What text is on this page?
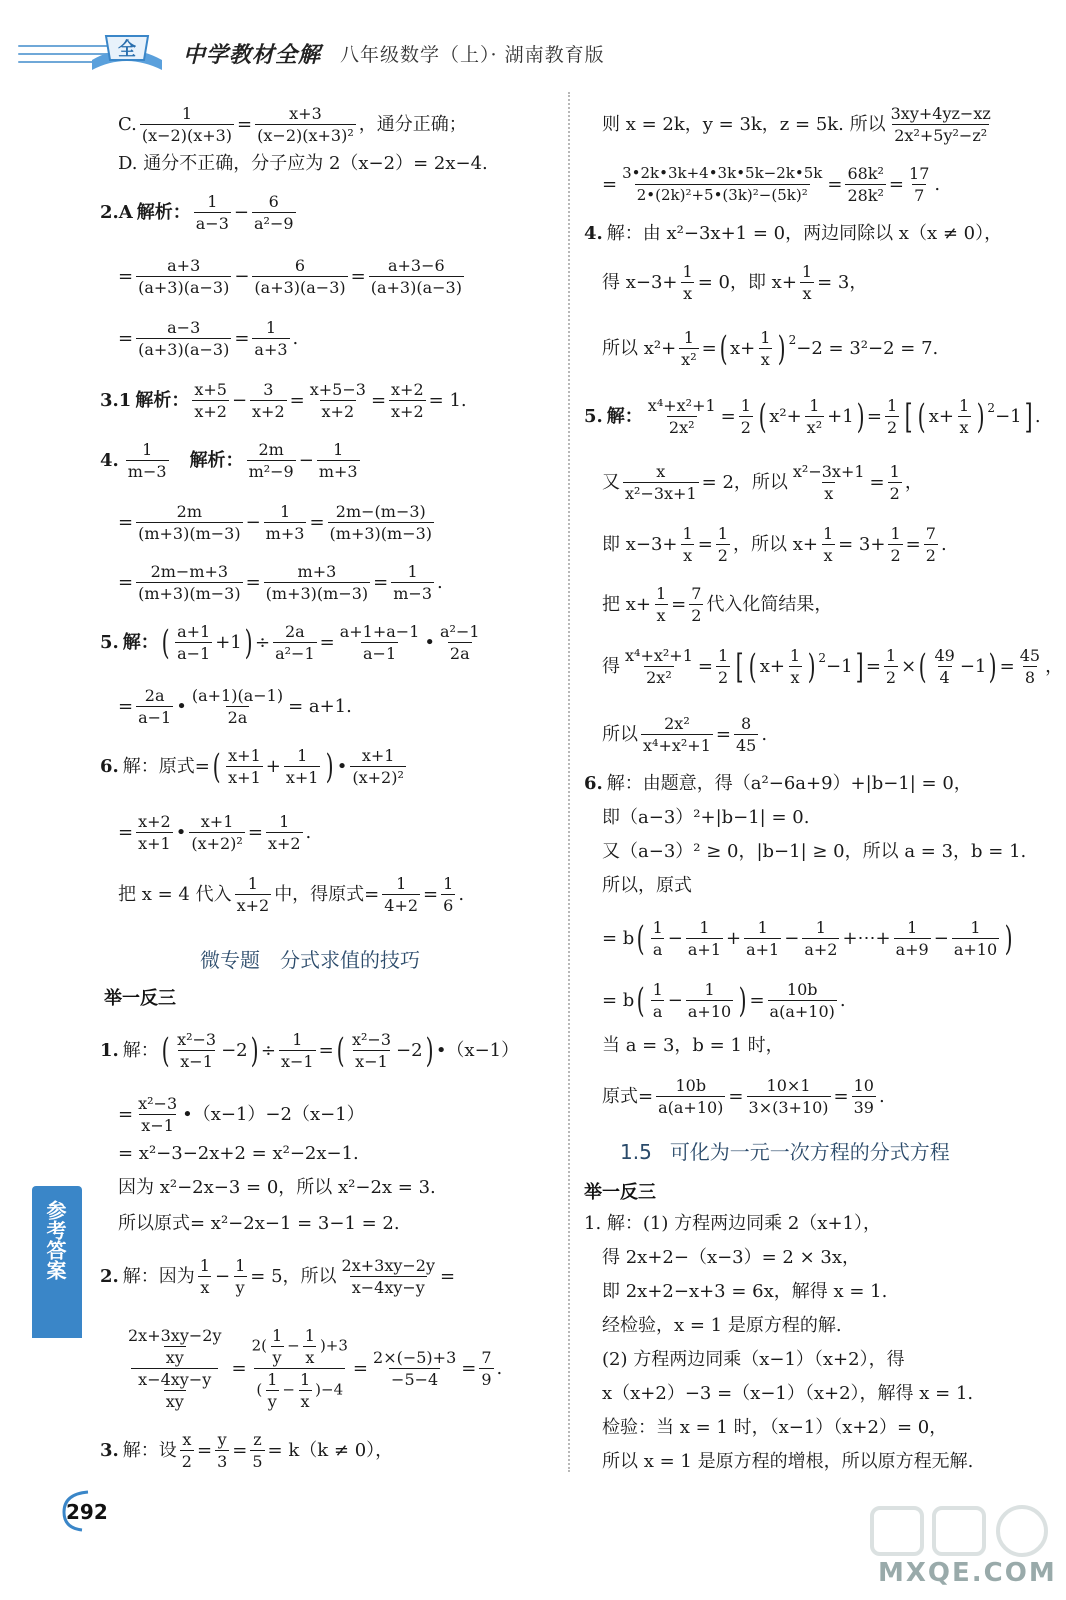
全 中学教材全解 八年级数学（上）· 湖南教育版
C. $\frac{1}{(x-2)(x+3)} = \frac{x+3}{\text{(x−2)(x+3)²}}$ ，通分正确；
D. 通分不正确，分子应为 2（x−2）= 2x−4.
2.A 解析： $\frac{1}{a-3} - \frac{6}{\text{a²−9}}$
= $\frac{a+3}{(a+3)(a-3)} - \frac{6}{(a+3)(a-3)} = \frac{a+3-6}{(a+3)(a-3)}$
= $\frac{a-3}{(a+3)(a-3)} = \frac{1}{a+3}$ .
3.1 解析： $\frac{x+5}{x+2} - \frac{3}{x+2} = \frac{x+5-3}{x+2} = \frac{x+2}{x+2} = 1$.
4. $\frac{1}{m-3}$ 解析： $\frac{2m}{\text{m²−9}} - \frac{1}{m+3}$
= $\frac{2m}{(m+3)(m-3)} - \frac{1}{m+3} = \frac{2m-(m-3)}{(m+3)(m-3)}$
= $\frac{2m-m+3}{(m+3)(m-3)} = \frac{m+3}{(m+3)(m-3)} = \frac{1}{m-3}$ .
5. 解： ( $\frac{a+1}{a-1} +1$ ) ÷ $\frac{2a}{\text{a²−1}} = \frac{a+1+a-1}{a-1}$ • $\frac{\text{a²−1}}{2a}$
= $\frac{2a}{a-1}$ • $\frac{(a+1)(a-1)}{2a} = a+1$.
6. 解：原式= ( $\frac{x+1}{x+1} + \frac{1}{x+1}$ ) • $\frac{x+1}{\text{(x+2)²}}$
= $\frac{x+2}{x+1}$ • $\frac{x+1}{\text{(x+2)²}} = \frac{1}{x+2}$ .
把 x = 4 代入 $\frac{1}{x+2}$ 中，得原式= $\frac{1}{4+2} = \frac{1}{6}$ .
微专题　分式求值的技巧
举一反三
1. 解： ( $\frac{\text{x²−3}}{x-1} -2$ ) ÷ $\frac{1}{x-1}$ = ( $\frac{\text{x²−3}}{x-1} -2$ ) •（x−1）
= $\frac{\text{x²−3}}{x-1}$ •（x−1）−2（x−1）
= x²−3−2x+2 = x²−2x−1.
因为 x²−2x−3 = 0，所以 x²−2x = 3.
所以原式= x²−2x−1 = 3−1 = 2.
2. 解：因为 $\frac{1}{x} - \frac{1}{y} = 5$，所以 $\frac{2x+3xy-2y}{x-4xy-y}$ =
$\frac{\frac{2x+3xy-2y}{xy}}{\frac{x-4xy-y}{xy}} = \frac{2( \frac{1}{y} - \frac{1}{x} )+3}{( \frac{1}{y} - \frac{1}{x} )-4} = \frac{2\times(-5)+3}{-5-4} = \frac{7}{9}$ .
3. 解：设 $\frac{x}{2} = \frac{y}{3} = \frac{z}{5} = k(k \ne 0)$，
则 x = 2k，y = 3k，z = 5k. 所以 $\frac{3xy+4yz-xz}{\text{2x²+5y²−z²}}$
= $\frac{3•2k•3k+4•3k•5k-2k•5k}{\text{2•(2k)²+5•(3k)²−(5k)²}} = \frac{\text{68k²}}{\text{28k²}} = \frac{17}{7}$ .
4. 解：由 x²−3x+1 = 0，两边同除以 x（x ≠ 0），
得 $x-3+ \frac{1}{x} = 0$，即 $x+ \frac{1}{x} = 3$，
所以 $x^2+ \frac{1}{\text{x²}}$ = ( $x+ \frac{1}{x} )^2 -2 = 3^2-2 = 7$.
5. 解： $\frac{\text{x⁴+x²+1}}{\text{2x²}} = \frac{1}{2}$ ( $x^2+ \frac{1}{\text{x²}} +1$ ) = $\frac{1}{2}$ [ ( $x+ \frac{1}{x} )^2 -1$ ] .
又 $\frac{x}{\text{x²−3x+1}} = 2$，所以 $\frac{\text{x²−3x+1}}{x} = \frac{1}{2}$ ，
即 $x-3+ \frac{1}{x} = \frac{1}{2}$ ，所以 $x+ \frac{1}{x} = 3+ \frac{1}{2} = \frac{7}{2}$ .
把 $x+ \frac{1}{x} = \frac{7}{2}$ 代入化简结果，
得 $\frac{\text{x⁴+x²+1}}{\text{2x²}} = \frac{1}{2}$ [ ( $x+ \frac{1}{x} )^2 -1$ ] = $\frac{1}{2}$ × ( $\frac{49}{4} -1$ ) = $\frac{45}{8}$ ，
所以 $\frac{\text{2x²}}{\text{x⁴+x²+1}} = \frac{8}{45}$ .
6. 解：由题意，得（a²−6a+9）+|b−1| = 0，
即（a−3）²+|b−1| = 0.
又（a−3）² ≥ 0，|b−1| ≥ 0，所以 a = 3，b = 1.
所以，原式
= b ( $\frac{1}{a} - \frac{1}{a+1} + \frac{1}{a+1} - \frac{1}{a+2}$ +⋯+ $\frac{1}{a+9} - \frac{1}{a+10}$ )
= b ( $\frac{1}{a} - \frac{1}{a+10}$ ) = $\frac{10b}{a(a+10)}$ .
当 a = 3，b = 1 时，
原式= $\frac{10b}{a(a+10)} = \frac{10\times 1}{3\times(3+10)} = \frac{10}{39}$ .
1.5 可化为一元一次方程的分式方程
举一反三
1. 解：(1) 方程两边同乘 2（x+1），
得 2x+2−（x−3）= 2 × 3x，
即 2x+2−x+3 = 6x，解得 x = 1.
经检验，x = 1 是原方程的解.
(2) 方程两边同乘（x−1）（x+2），得
x（x+2）−3 =（x−1）（x+2），解得 x = 1.
检验：当 x = 1 时，（x−1）（x+2）= 0，
所以 x = 1 是原方程的增根，所以原方程无解.
参考答案
292
MXQE.COM
